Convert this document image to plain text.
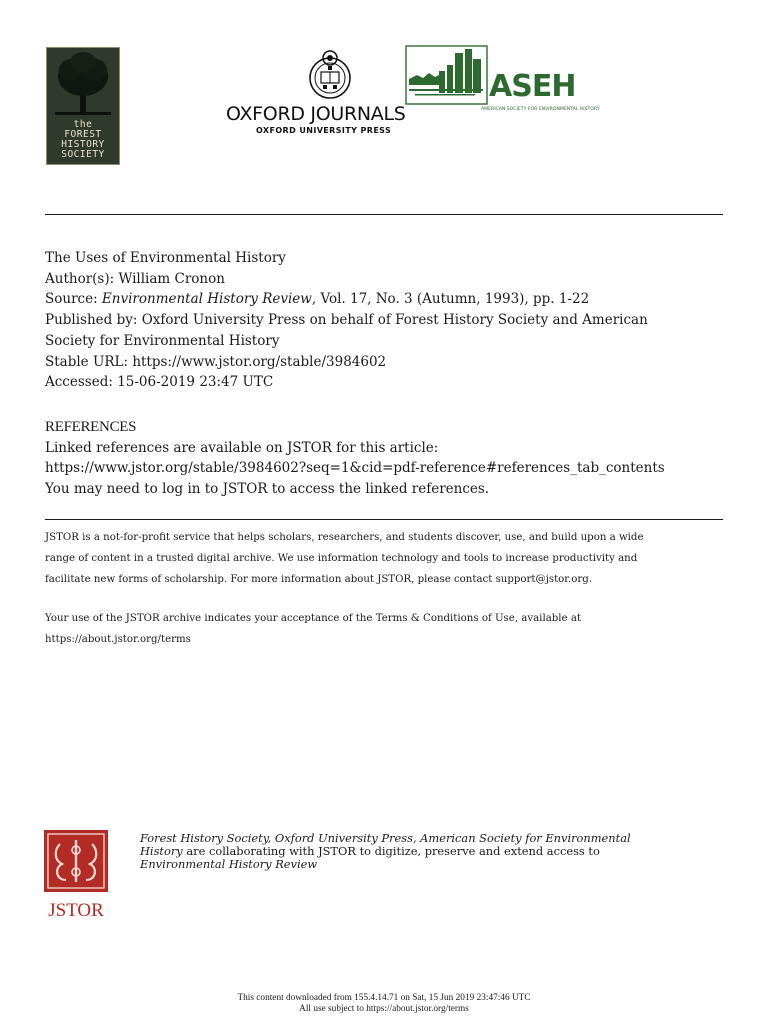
the
FOREST
HISTORY
SOCIETY
OXFORD JOURNALS
OXFORD UNIVERSITY PRESS
ASEH
AMERICAN SOCIETY FOR ENVIRONMENTAL HISTORY
The Uses of Environmental History
Author(s): William Cronon
Source: Environmental History Review, Vol. 17, No. 3 (Autumn, 1993), pp. 1-22
Published by: Oxford University Press on behalf of Forest History Society and American
Society for Environmental History
Stable URL: https://www.jstor.org/stable/3984602
Accessed: 15-06-2019 23:47 UTC
REFERENCES
Linked references are available on JSTOR for this article:
https://www.jstor.org/stable/3984602?seq=1&cid=pdf-reference#references_tab_contents
You may need to log in to JSTOR to access the linked references.
JSTOR is a not-for-profit service that helps scholars, researchers, and students discover, use, and build upon a wide
range of content in a trusted digital archive. We use information technology and tools to increase productivity and
facilitate new forms of scholarship. For more information about JSTOR, please contact support@jstor.org.
Your use of the JSTOR archive indicates your acceptance of the Terms & Conditions of Use, available at
https://about.jstor.org/terms
JSTOR
Forest History Society, Oxford University Press, American Society for Environmental
History are collaborating with JSTOR to digitize, preserve and extend access to
Environmental History Review
This content downloaded from 155.4.14.71 on Sat, 15 Jun 2019 23:47:46 UTC
All use subject to https://about.jstor.org/terms
